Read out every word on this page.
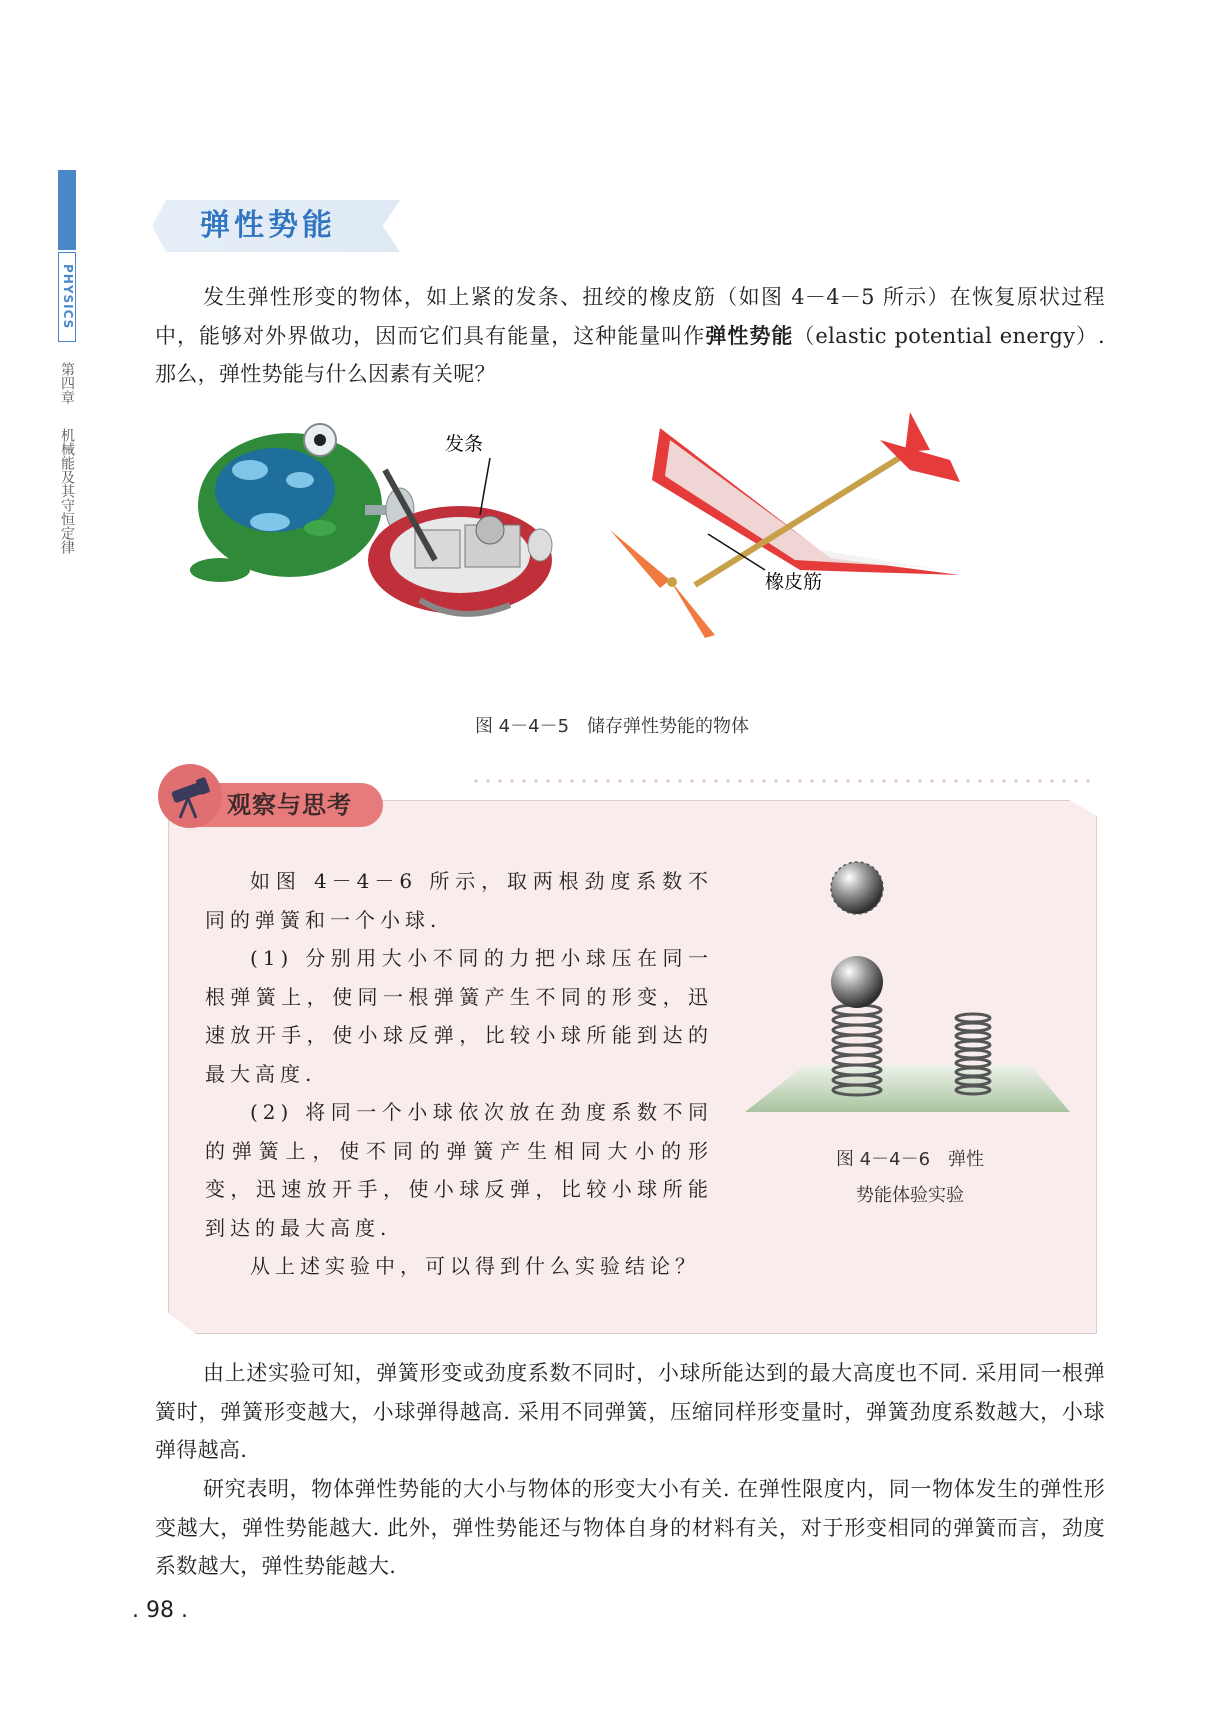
PHYSICS
第四章
机械能及其守恒定律
弹性势能
发生弹性形变的物体，如上紧的发条、扭绞的橡皮筋（如图 4－4－5 所示）在恢复原状过程中，能够对外界做功，因而它们具有能量，这种能量叫作弹性势能（elastic potential energy）. 那么，弹性势能与什么因素有关呢？
发条
橡皮筋
图 4－4－5　储存弹性势能的物体
观察与思考
如图 4－4－6 所示，取两根劲度系数不同的弹簧和一个小球.
(1) 分别用大小不同的力把小球压在同一根弹簧上，使同一根弹簧产生不同的形变，迅速放开手，使小球反弹，比较小球所能到达的最大高度.
(2) 将同一个小球依次放在劲度系数不同的弹簧上，使不同的弹簧产生相同大小的形变，迅速放开手，使小球反弹，比较小球所能到达的最大高度.
从上述实验中，可以得到什么实验结论？
图 4－4－6　弹性
势能体验实验
由上述实验可知，弹簧形变或劲度系数不同时，小球所能达到的最大高度也不同. 采用同一根弹簧时，弹簧形变越大，小球弹得越高. 采用不同弹簧，压缩同样形变量时，弹簧劲度系数越大，小球弹得越高.
研究表明，物体弹性势能的大小与物体的形变大小有关. 在弹性限度内，同一物体发生的弹性形变越大，弹性势能越大. 此外，弹性势能还与物体自身的材料有关，对于形变相同的弹簧而言，劲度系数越大，弹性势能越大.
. 98 .
